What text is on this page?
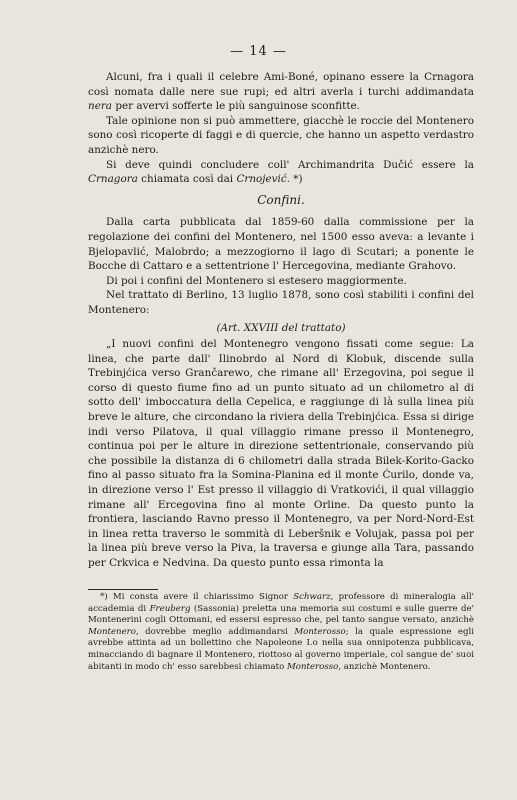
— 14 —

Alcuni, fra i quali il celebre Ami-Boné, opinano essere la Crnagora così nomata dalle nere sue rupi; ed altri averla i turchi addimandata nera per avervi sofferte le più sanguinose sconfitte.

Tale opinione non si può ammettere, giacchè le roccie del Montenero sono così ricoperte di faggi e di quercie, che hanno un aspetto verdastro anzichè nero.

Si deve quindi concludere coll' Archimandrita Dučić essere la Crnagora chiamata così dai Crnojević. *)

Confini.

Dalla carta pubblicata dal 1859-60 dalla commissione per la regolazione dei confini del Montenero, nel 1500 esso aveva: a levante i Bjelopavlić, Malobrdo; a mezzogiorno il lago di Scutari; a ponente le Bocche di Cattaro e a settentrione l' Hercegovina, mediante Grahovo.

Di poi i confini del Montenero si estesero maggiormente.

Nel trattato di Berlino, 13 luglio 1878, sono così stabiliti i confini del Montenero:

(Art. XXVIII del trattato)

„I nuovi confini del Montenegro vengono fissati come segue: La linea, che parte dall' Ilinobrdo al Nord di Klobuk, discende sulla Trebinjćica verso Grančarewo, che rimane all' Erzegovina, poi segue il corso di questo fiume fino ad un punto situato ad un chilometro al di sotto dell' imboccatura della Cepelica, e raggiunge di là sulla linea più breve le alture, che circondano la riviera della Trebinjćica. Essa si dirige indi verso Pilatova, il qual villaggio rimane presso il Montenegro, continua poi per le alture in direzione settentrionale, conservando più che possibile la distanza di 6 chilometri dalla strada Bilek-Korito-Gacko fino al passo situato fra la Somina-Planina ed il monte Ćurilo, donde va, in direzione verso l' Est presso il villaggio di Vratkovići, il qual villaggio rimane all' Ercegovina fino al monte Orline. Da questo punto la frontiera, lasciando Ravno presso il Montenegro, va per Nord-Nord-Est in linea retta traverso le sommità di Leberšnik e Volujak, passa poi per la linea più breve verso la Piva, la traversa e giunge alla Tara, passando per Crkvica e Nedvina. Da questo punto essa rimonta la

*) Mi consta avere il chiarissimo Signor Schwarz, professore di mineralogia all' accademia di Freuberg (Sassonia) preletta una memoria sui costumi e sulle guerre de' Montenerini cogli Ottomani, ed essersi espresso che, pel tanto sangue versato, anzichè Montenero, dovrebbe meglio addimandarsi Monterosso; la quale espressione egli avrebbe attinta ad un bollettino che Napoleone I.o nella sua onnipotenza pubblicava, minacciando di bagnare il Montenero, riottoso al governo imperiale, col sangue de' suoi abitanti in modo ch' esso sarebbesi chiamato Monterosso, anzichè Montenero.
